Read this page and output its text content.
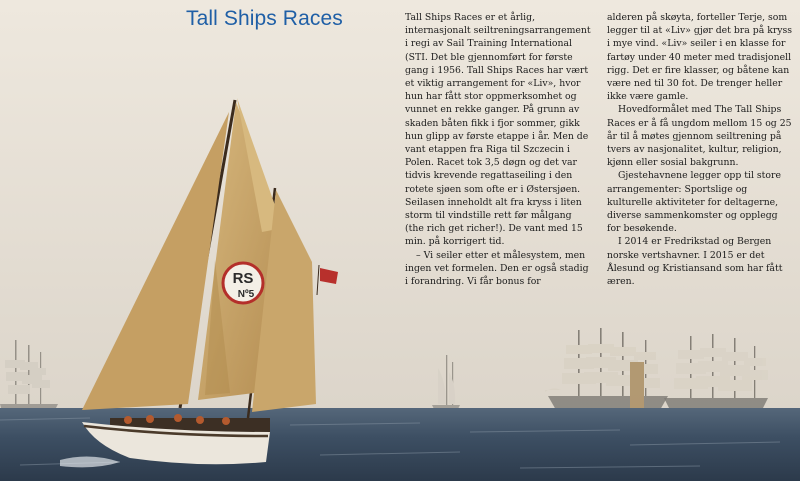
RS
Nº5
Tall Ships Races	Tall Ships Races er et årlig, internasjonalt seiltreningsarrangement i regi av Sail Training International (STI. Det ble gjennomført for første gang i 1956. Tall Ships Races har vært et viktig arrangement for «Liv», hvor hun har fått stor oppmerksomhet og vunnet en rekke ganger. På grunn av skaden båten fikk i fjor sommer, gikk hun glipp av første etappe i år. Men de vant etappen fra Riga til Szczecin i Polen. Racet tok 3,5 døgn og det var tidvis krevende regattaseiling i den rotete sjøen som ofte er i Østersjøen. Seilasen inneholdt alt fra kryss i liten storm til vindstille rett før målgang (the rich get richer!). De vant med 15 min. på korrigert tid.

– Vi seiler etter et målesystem, men ingen vet formelen. Den er også stadig i forandring. Vi får bonus for

alderen på skøyta, forteller Terje, som legger til at «Liv» gjør det bra på kryss i mye vind. «Liv» seiler i en klasse for fartøy under 40 meter med tradisjonell rigg. Det er fire klasser, og båtene kan være ned til 30 fot. De trenger heller ikke være gamle.

Hovedformålet med The Tall Ships Races er å få ungdom mellom 15 og 25 år til å møtes gjennom seiltrening på tvers av nasjonalitet, kultur, religion, kjønn eller sosial bakgrunn.

Gjestehavnene legger opp til store arrangementer: Sportslige og kulturelle aktiviteter for deltagerne, diverse sammenkomster og opplegg for besøkende.

I 2014 er Fredrikstad og Bergen norske vertshavner. I 2015 er det Ålesund og Kristiansand som har fått æren.
